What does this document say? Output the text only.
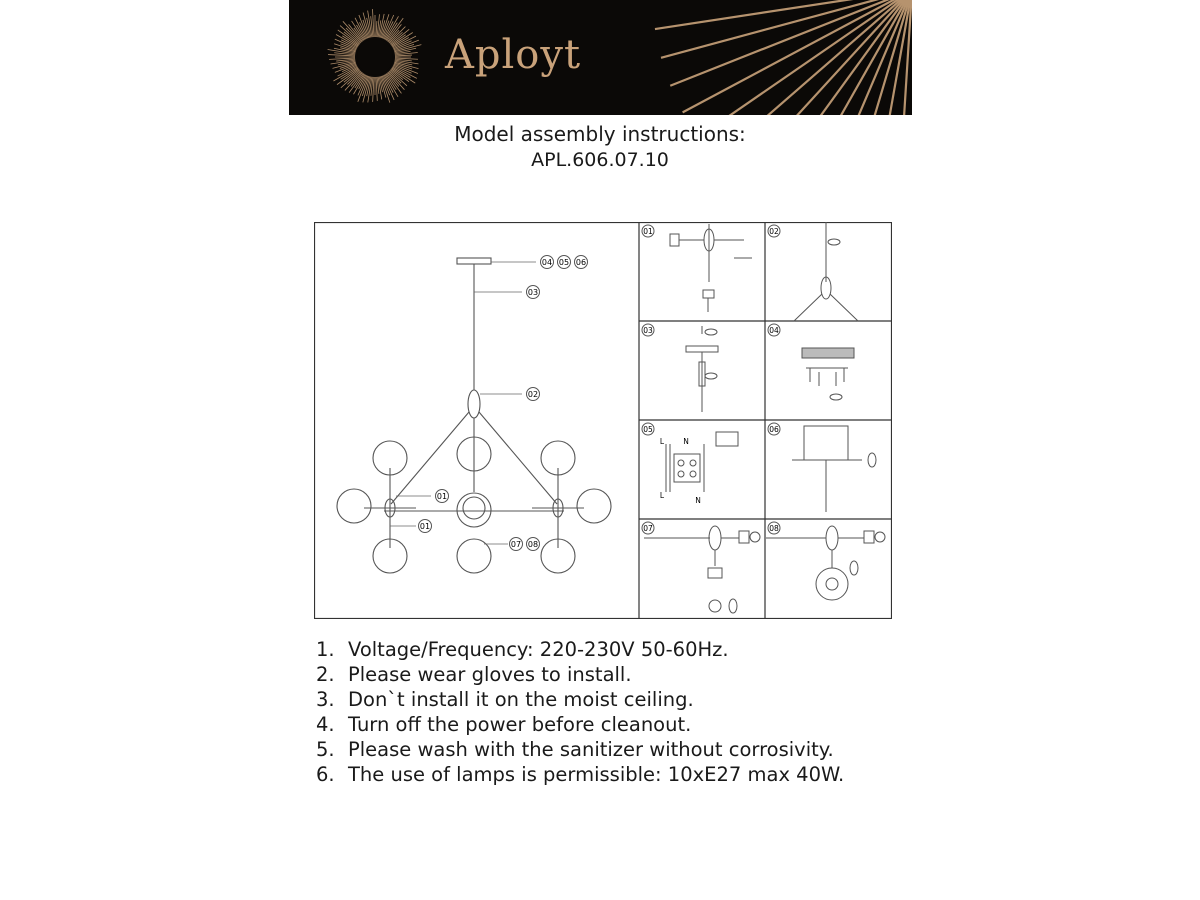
Aployt
Model assembly instructions:
APL.606.07.10
04 05 06
03
02
01
01
07 08
01	02
03	04
05
L	N
L
N
06
07	08
1. Voltage/Frequency: 220-230V 50-60Hz.
2. Please wear gloves to install.
3. Don`t install it on the moist ceiling.
4. Turn off the power before cleanout.
5. Please wash with the sanitizer without corrosivity.
6. The use of lamps is permissible: 10xE27 max 40W.
